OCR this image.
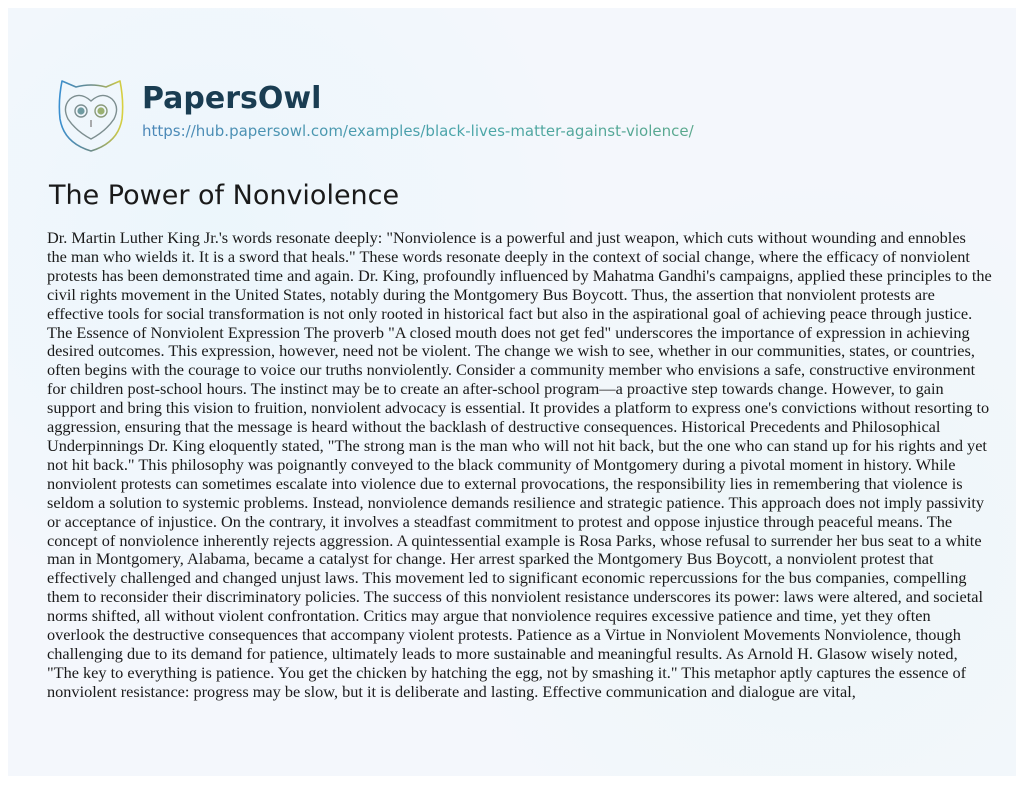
PapersOwl
https://hub.papersowl.com/examples/black-lives-matter-against-violence/
The Power of Nonviolence

Dr. Martin Luther King Jr.'s words resonate deeply: "Nonviolence is a powerful and just weapon, which cuts without wounding and ennobles
the man who wields it. It is a sword that heals." These words resonate deeply in the context of social change, where the efficacy of nonviolent
protests has been demonstrated time and again. Dr. King, profoundly influenced by Mahatma Gandhi's campaigns, applied these principles to the
civil rights movement in the United States, notably during the Montgomery Bus Boycott. Thus, the assertion that nonviolent protests are
effective tools for social transformation is not only rooted in historical fact but also in the aspirational goal of achieving peace through justice.
The Essence of Nonviolent Expression The proverb "A closed mouth does not get fed" underscores the importance of expression in achieving
desired outcomes. This expression, however, need not be violent. The change we wish to see, whether in our communities, states, or countries,
often begins with the courage to voice our truths nonviolently. Consider a community member who envisions a safe, constructive environment
for children post-school hours. The instinct may be to create an after-school program—a proactive step towards change. However, to gain
support and bring this vision to fruition, nonviolent advocacy is essential. It provides a platform to express one's convictions without resorting to
aggression, ensuring that the message is heard without the backlash of destructive consequences. Historical Precedents and Philosophical
Underpinnings Dr. King eloquently stated, "The strong man is the man who will not hit back, but the one who can stand up for his rights and yet
not hit back." This philosophy was poignantly conveyed to the black community of Montgomery during a pivotal moment in history. While
nonviolent protests can sometimes escalate into violence due to external provocations, the responsibility lies in remembering that violence is
seldom a solution to systemic problems. Instead, nonviolence demands resilience and strategic patience. This approach does not imply passivity
or acceptance of injustice. On the contrary, it involves a steadfast commitment to protest and oppose injustice through peaceful means. The
concept of nonviolence inherently rejects aggression. A quintessential example is Rosa Parks, whose refusal to surrender her bus seat to a white
man in Montgomery, Alabama, became a catalyst for change. Her arrest sparked the Montgomery Bus Boycott, a nonviolent protest that
effectively challenged and changed unjust laws. This movement led to significant economic repercussions for the bus companies, compelling
them to reconsider their discriminatory policies. The success of this nonviolent resistance underscores its power: laws were altered, and societal
norms shifted, all without violent confrontation. Critics may argue that nonviolence requires excessive patience and time, yet they often
overlook the destructive consequences that accompany violent protests. Patience as a Virtue in Nonviolent Movements Nonviolence, though
challenging due to its demand for patience, ultimately leads to more sustainable and meaningful results. As Arnold H. Glasow wisely noted,
"The key to everything is patience. You get the chicken by hatching the egg, not by smashing it." This metaphor aptly captures the essence of
nonviolent resistance: progress may be slow, but it is deliberate and lasting. Effective communication and dialogue are vital,
